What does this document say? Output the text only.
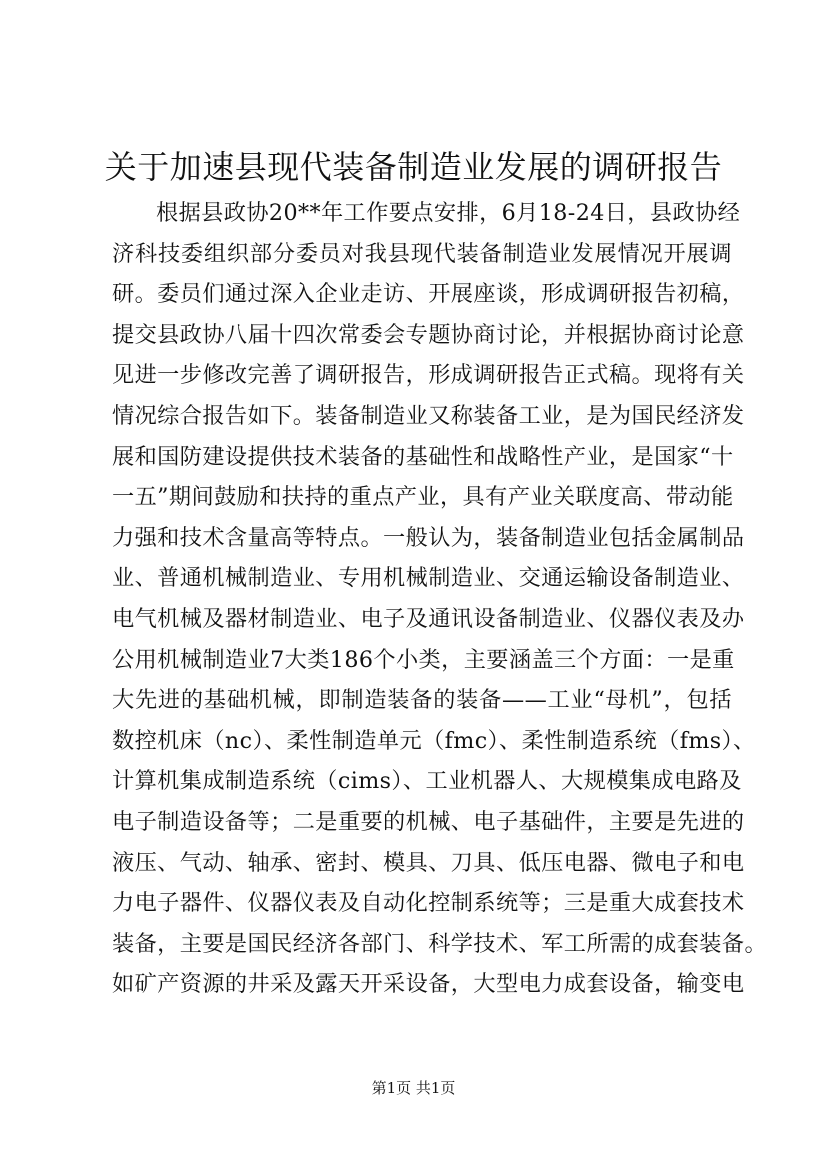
关于加速县现代装备制造业发展的调研报告
根据县政协20**年工作要点安排，6月18-24日，县政协经
济科技委组织部分委员对我县现代装备制造业发展情况开展调
研。委员们通过深入企业走访、开展座谈，形成调研报告初稿，
提交县政协八届十四次常委会专题协商讨论，并根据协商讨论意
见进一步修改完善了调研报告，形成调研报告正式稿。现将有关
情况综合报告如下。装备制造业又称装备工业，是为国民经济发
展和国防建设提供技术装备的基础性和战略性产业，是国家“十
一五”期间鼓励和扶持的重点产业，具有产业关联度高、带动能
力强和技术含量高等特点。一般认为，装备制造业包括金属制品
业、普通机械制造业、专用机械制造业、交通运输设备制造业、
电气机械及器材制造业、电子及通讯设备制造业、仪器仪表及办
公用机械制造业7大类186个小类，主要涵盖三个方面：一是重
大先进的基础机械，即制造装备的装备——工业“母机”，包括
数控机床（nc）、柔性制造单元（fmc）、柔性制造系统（fms）、
计算机集成制造系统（cims）、工业机器人、大规模集成电路及
电子制造设备等；二是重要的机械、电子基础件，主要是先进的
液压、气动、轴承、密封、模具、刀具、低压电器、微电子和电
力电子器件、仪器仪表及自动化控制系统等；三是重大成套技术
装备，主要是国民经济各部门、科学技术、军工所需的成套装备。
如矿产资源的井采及露天开采设备，大型电力成套设备，输变电
第1页 共1页
